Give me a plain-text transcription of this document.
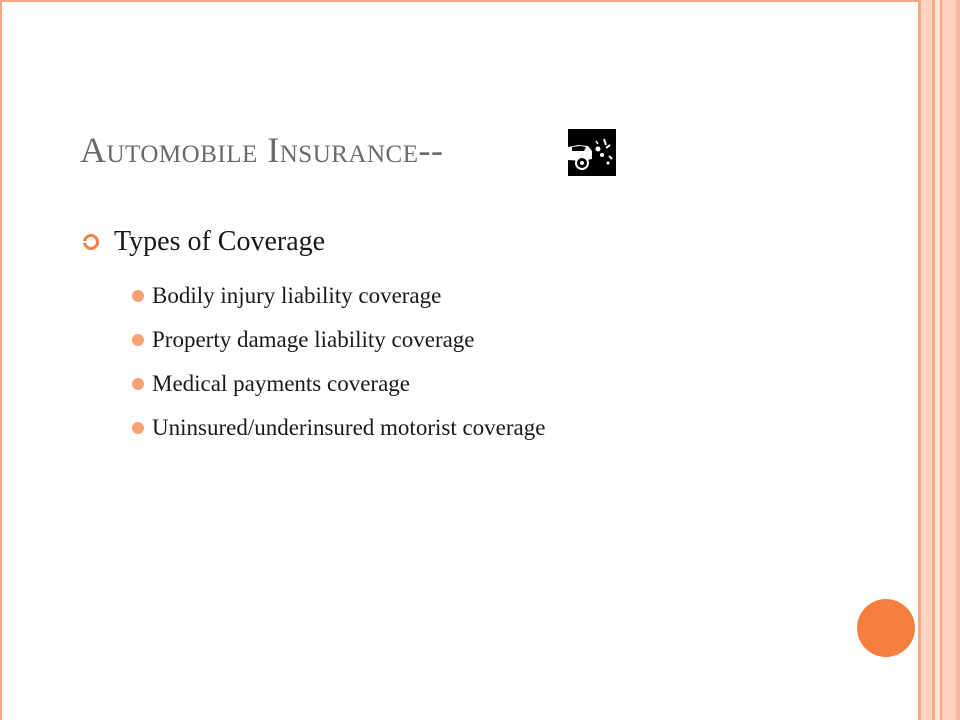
Automobile Insurance--
Types of Coverage
Bodily injury liability coverage
Property damage liability coverage
Medical payments coverage
Uninsured/underinsured motorist coverage
